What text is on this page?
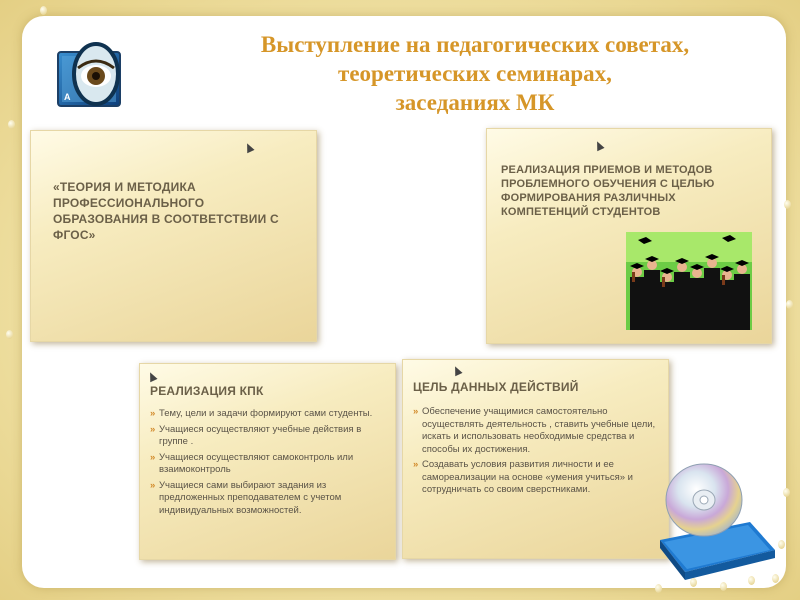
A
Выступление на педагогических советах,
теоретических семинарах,
заседаниях МК
«ТЕОРИЯ И МЕТОДИКА ПРОФЕССИОНАЛЬНОГО ОБРАЗОВАНИЯ В СООТВЕТСТВИИ С ФГОС»
РЕАЛИЗАЦИЯ ПРИЕМОВ И МЕТОДОВ ПРОБЛЕМНОГО ОБУЧЕНИЯ С ЦЕЛЬЮ ФОРМИРОВАНИЯ РАЗЛИЧНЫХ КОМПЕТЕНЦИЙ СТУДЕНТОВ
РЕАЛИЗАЦИЯ КПК
» Тему, цели и задачи формируют сами студенты.
» Учащиеся осуществляют учебные действия в группе .
» Учащиеся осуществляют самоконтроль или взаимоконтроль
» Учащиеся сами выбирают задания из предложенных преподавателем с учетом индивидуальных возможностей.
ЦЕЛЬ ДАННЫХ ДЕЙСТВИЙ
» Обеспечение учащимися самостоятельно осуществлять деятельность , ставить учебные цели, искать и использовать необходимые средства и способы их достижения.
» Создавать условия развития личности и ее самореализации на основе «умения учиться» и сотрудничать со своим сверстниками.
